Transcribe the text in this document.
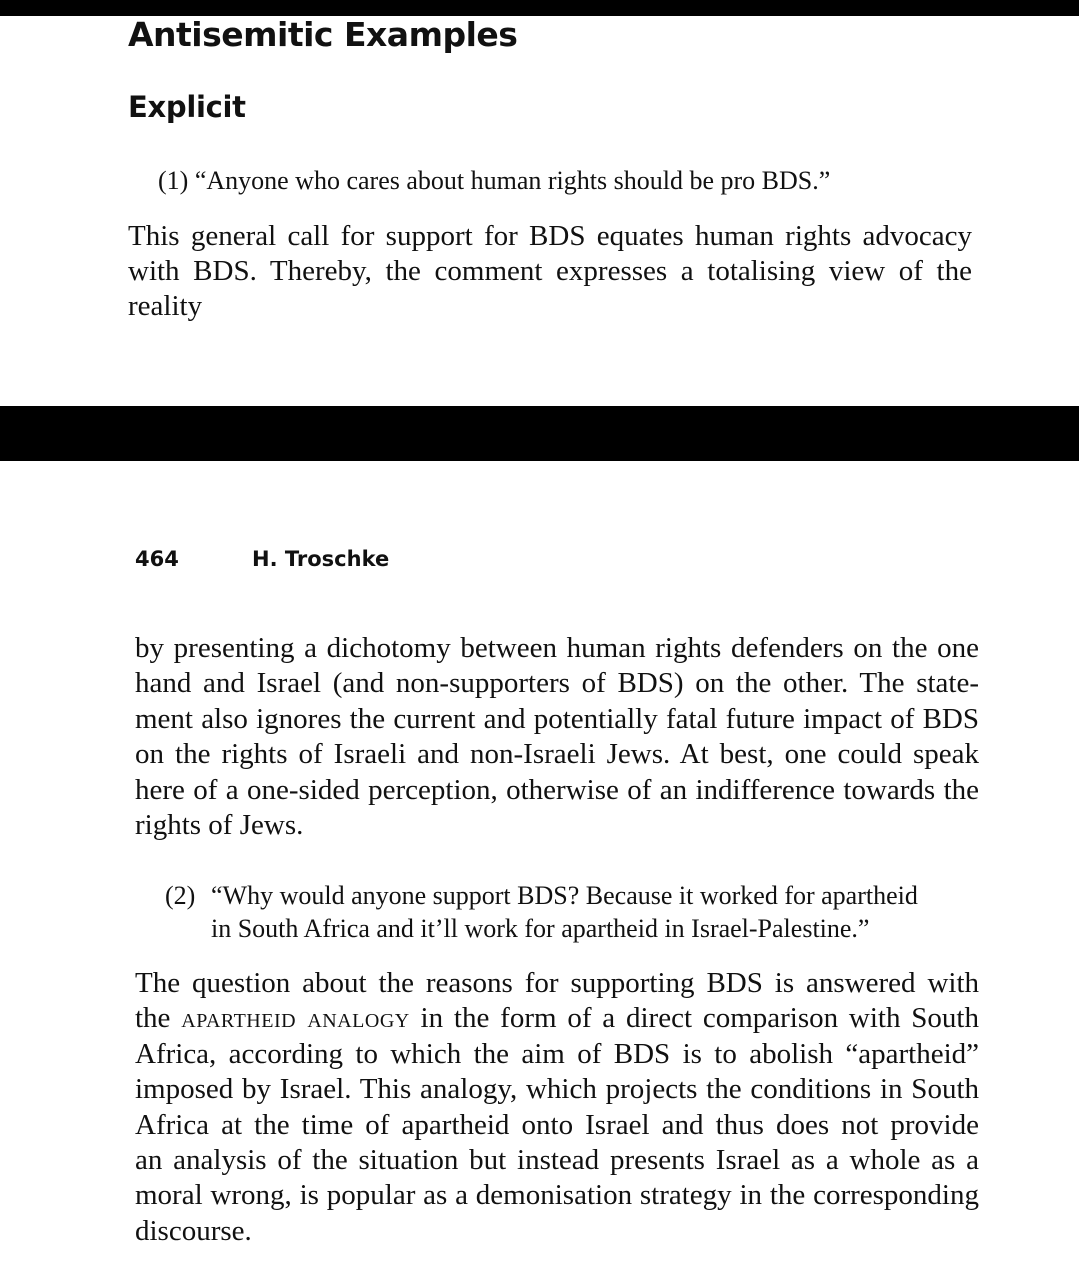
Antisemitic Examples
Explicit

(1) “Anyone who cares about human rights should be pro BDS.”

This general call for support for BDS equates human rights advocacy
with BDS. Thereby, the comment expresses a totalising view of the reality

464	H. Troschke

by presenting a dichotomy between human rights defenders on the one
hand and Israel (and non-supporters of BDS) on the other. The state-
ment also ignores the current and potentially fatal future impact of BDS
on the rights of Israeli and non-Israeli Jews. At best, one could speak
here of a one-sided perception, otherwise of an indifference towards the
rights of Jews.

(2) “Why would anyone support BDS? Because it worked for apartheid
in South Africa and it’ll work for apartheid in Israel-Palestine.”

The question about the reasons for supporting BDS is answered with
the apartheid analogy in the form of a direct comparison with South
Africa, according to which the aim of BDS is to abolish “apartheid”
imposed by Israel. This analogy, which projects the conditions in South
Africa at the time of apartheid onto Israel and thus does not provide
an analysis of the situation but instead presents Israel as a whole as a
moral wrong, is popular as a demonisation strategy in the corresponding
discourse.
